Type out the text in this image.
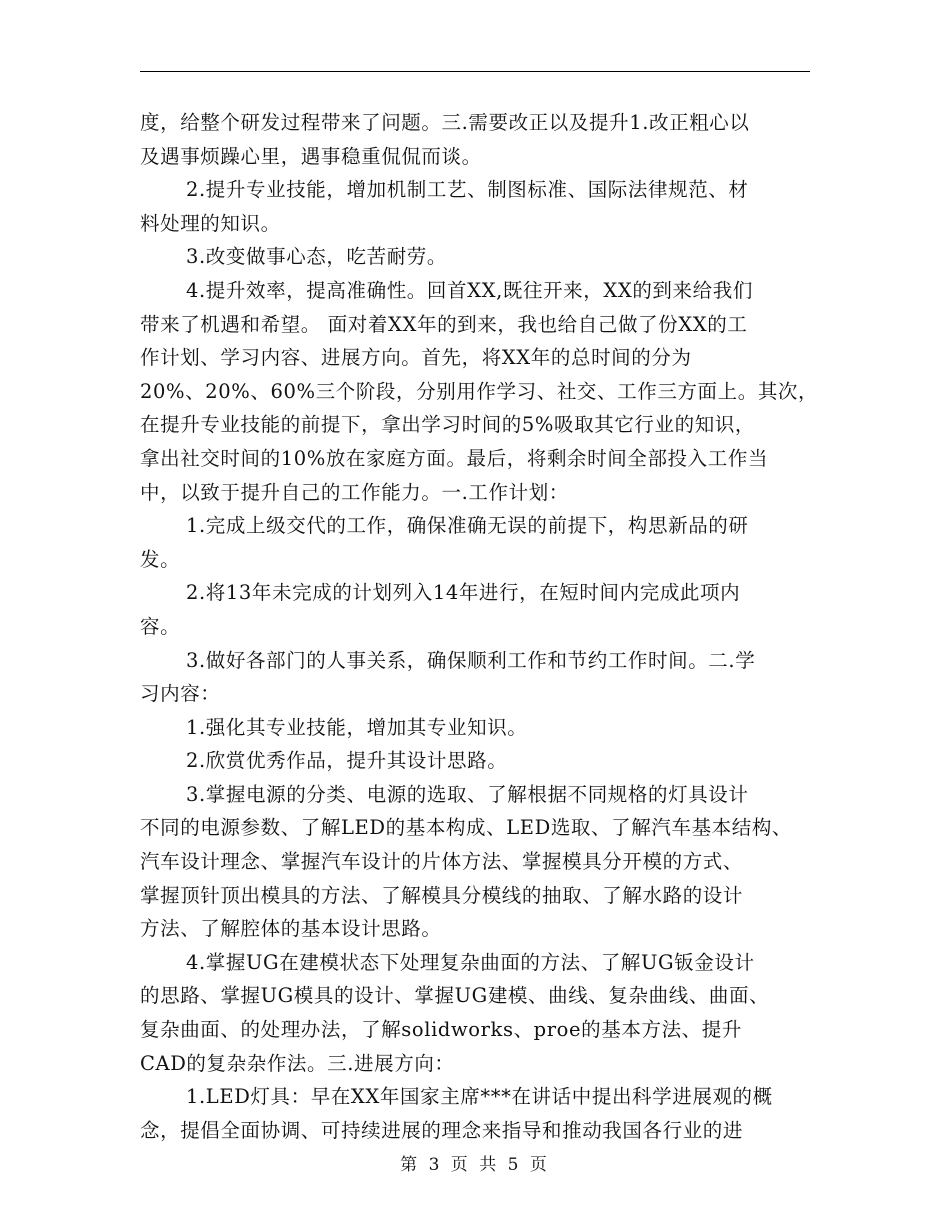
度，给整个研发过程带来了问题。三.需要改正以及提升1.改正粗心以
及遇事烦躁心里，遇事稳重侃侃而谈。
2.提升专业技能，增加机制工艺、制图标准、国际法律规范、材
料处理的知识。
3.改变做事心态，吃苦耐劳。
4.提升效率，提高准确性。回首XX,既往开来，XX的到来给我们
带来了机遇和希望。 面对着XX年的到来，我也给自己做了份XX的工
作计划、学习内容、进展方向。首先，将XX年的总时间的分为
20%、20%、60%三个阶段，分别用作学习、社交、工作三方面上。其次，
在提升专业技能的前提下，拿出学习时间的5%吸取其它行业的知识，
拿出社交时间的10%放在家庭方面。最后，将剩余时间全部投入工作当
中，以致于提升自己的工作能力。一.工作计划：
1.完成上级交代的工作，确保准确无误的前提下，构思新品的研
发。
2.将13年未完成的计划列入14年进行，在短时间内完成此项内
容。
3.做好各部门的人事关系，确保顺利工作和节约工作时间。二.学
习内容：
1.强化其专业技能，增加其专业知识。
2.欣赏优秀作品，提升其设计思路。
3.掌握电源的分类、电源的选取、了解根据不同规格的灯具设计
不同的电源参数、了解LED的基本构成、LED选取、了解汽车基本结构、
汽车设计理念、掌握汽车设计的片体方法、掌握模具分开模的方式、
掌握顶针顶出模具的方法、了解模具分模线的抽取、了解水路的设计
方法、了解腔体的基本设计思路。
4.掌握UG在建模状态下处理复杂曲面的方法、了解UG钣金设计
的思路、掌握UG模具的设计、掌握UG建模、曲线、复杂曲线、曲面、
复杂曲面、的处理办法，了解solidworks、proe的基本方法、提升
CAD的复杂杂作法。三.进展方向：
1.LED灯具：早在XX年国家主席***在讲话中提出科学进展观的概
念，提倡全面协调、可持续进展的理念来指导和推动我国各行业的进
第 3 页 共 5 页
